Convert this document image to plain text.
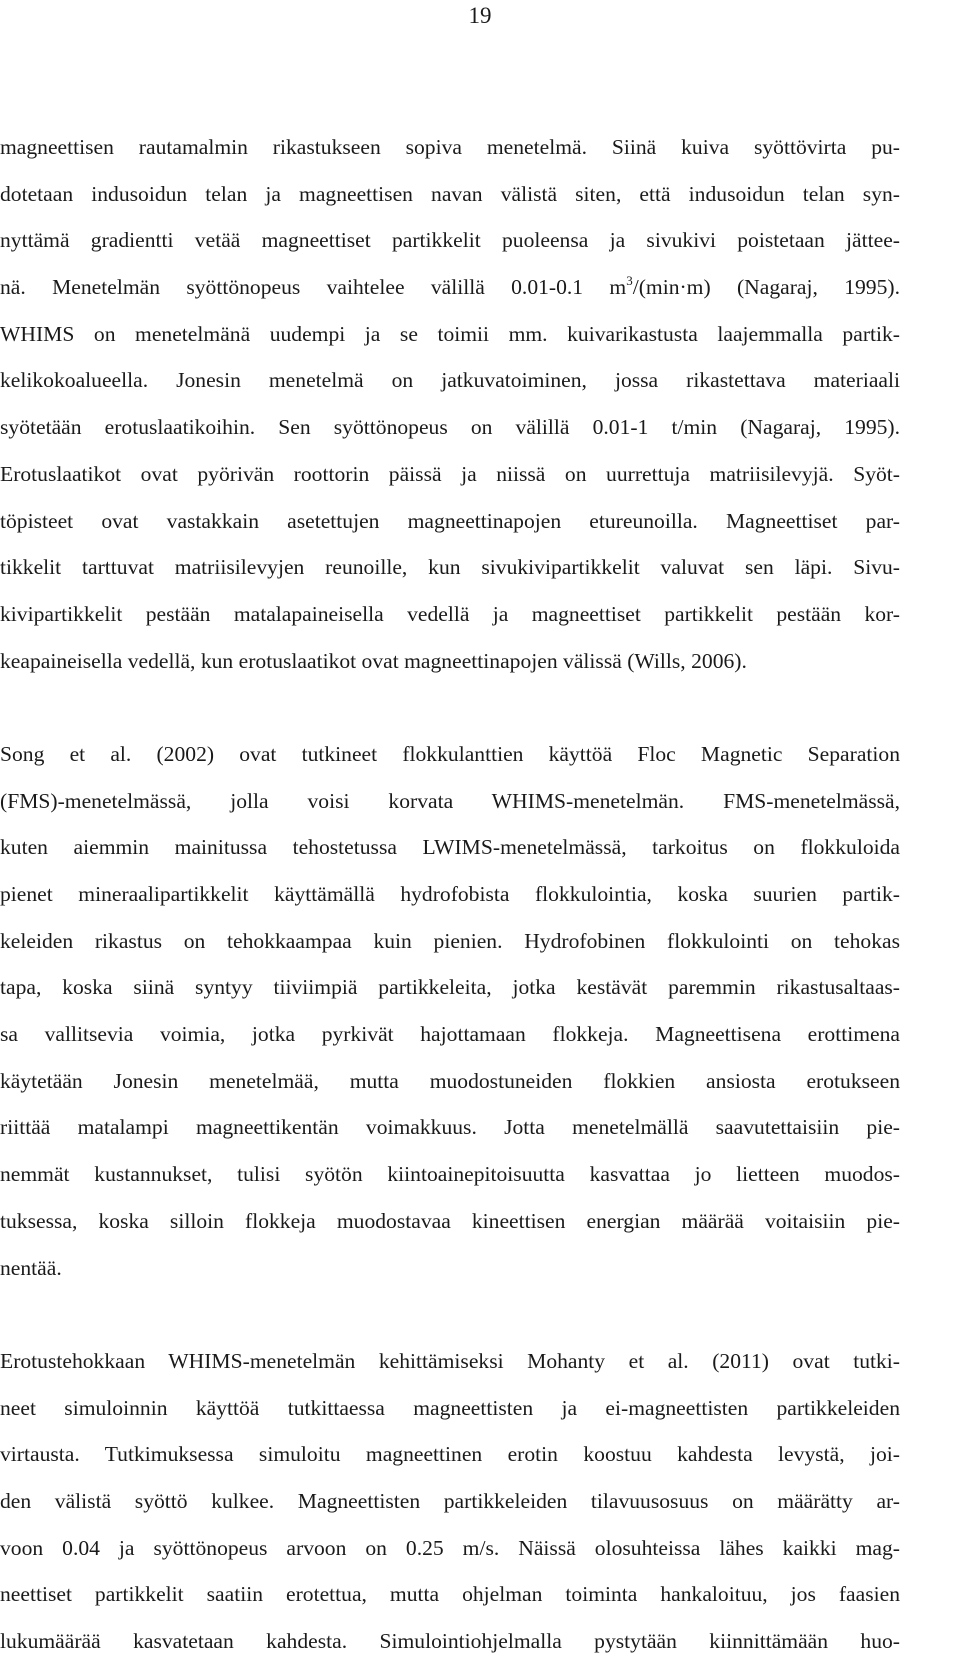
19
magneettisen rautamalmin rikastukseen sopiva menetelmä. Siinä kuiva syöttövirta pu-
dotetaan indusoidun telan ja magneettisen navan välistä siten, että indusoidun telan syn-
nyttämä gradientti vetää magneettiset partikkelit puoleensa ja sivukivi poistetaan jättee-
nä. Menetelmän syöttönopeus vaihtelee välillä 0.01-0.1 $m^3/(\min\cdot m)$ (Nagaraj, 1995).
WHIMS on menetelmänä uudempi ja se toimii mm. kuivarikastusta laajemmalla partik-
kelikokoalueella. Jonesin menetelmä on jatkuvatoiminen, jossa rikastettava materiaali
syötetään erotuslaatikoihin. Sen syöttönopeus on välillä 0.01-1 t/min (Nagaraj, 1995).
Erotuslaatikot ovat pyörivän roottorin päissä ja niissä on uurrettuja matriisilevyjä. Syöt-
töpisteet ovat vastakkain asetettujen magneettinapojen etureunoilla. Magneettiset par-
tikkelit tarttuvat matriisilevyjen reunoille, kun sivukivipartikkelit valuvat sen läpi. Sivu-
kivipartikkelit pestään matalapaineisella vedellä ja magneettiset partikkelit pestään kor-
keapaineisella vedellä, kun erotuslaatikot ovat magneettinapojen välissä (Wills, 2006).
Song et al. (2002) ovat tutkineet flokkulanttien käyttöä Floc Magnetic Separation
(FMS)-menetelmässä, jolla voisi korvata WHIMS-menetelmän. FMS-menetelmässä,
kuten aiemmin mainitussa tehostetussa LWIMS-menetelmässä, tarkoitus on flokkuloida
pienet mineraalipartikkelit käyttämällä hydrofobista flokkulointia, koska suurien partik-
keleiden rikastus on tehokkaampaa kuin pienien. Hydrofobinen flokkulointi on tehokas
tapa, koska siinä syntyy tiiviimpiä partikkeleita, jotka kestävät paremmin rikastusaltaas-
sa vallitsevia voimia, jotka pyrkivät hajottamaan flokkeja. Magneettisena erottimena
käytetään Jonesin menetelmää, mutta muodostuneiden flokkien ansiosta erotukseen
riittää matalampi magneettikentän voimakkuus. Jotta menetelmällä saavutettaisiin pie-
nemmät kustannukset, tulisi syötön kiintoainepitoisuutta kasvattaa jo lietteen muodos-
tuksessa, koska silloin flokkeja muodostavaa kineettisen energian määrää voitaisiin pie-
nentää.
Erotustehokkaan WHIMS-menetelmän kehittämiseksi Mohanty et al. (2011) ovat tutki-
neet simuloinnin käyttöä tutkittaessa magneettisten ja ei-magneettisten partikkeleiden
virtausta. Tutkimuksessa simuloitu magneettinen erotin koostuu kahdesta levystä, joi-
den välistä syöttö kulkee. Magneettisten partikkeleiden tilavuusosuus on määrätty ar-
voon 0.04 ja syöttönopeus arvoon on 0.25 m/s. Näissä olosuhteissa lähes kaikki mag-
neettiset partikkelit saatiin erotettua, mutta ohjelman toiminta hankaloituu, jos faasien
lukumäärää kasvatetaan kahdesta. Simulointiohjelmalla pystytään kiinnittämään huo-
